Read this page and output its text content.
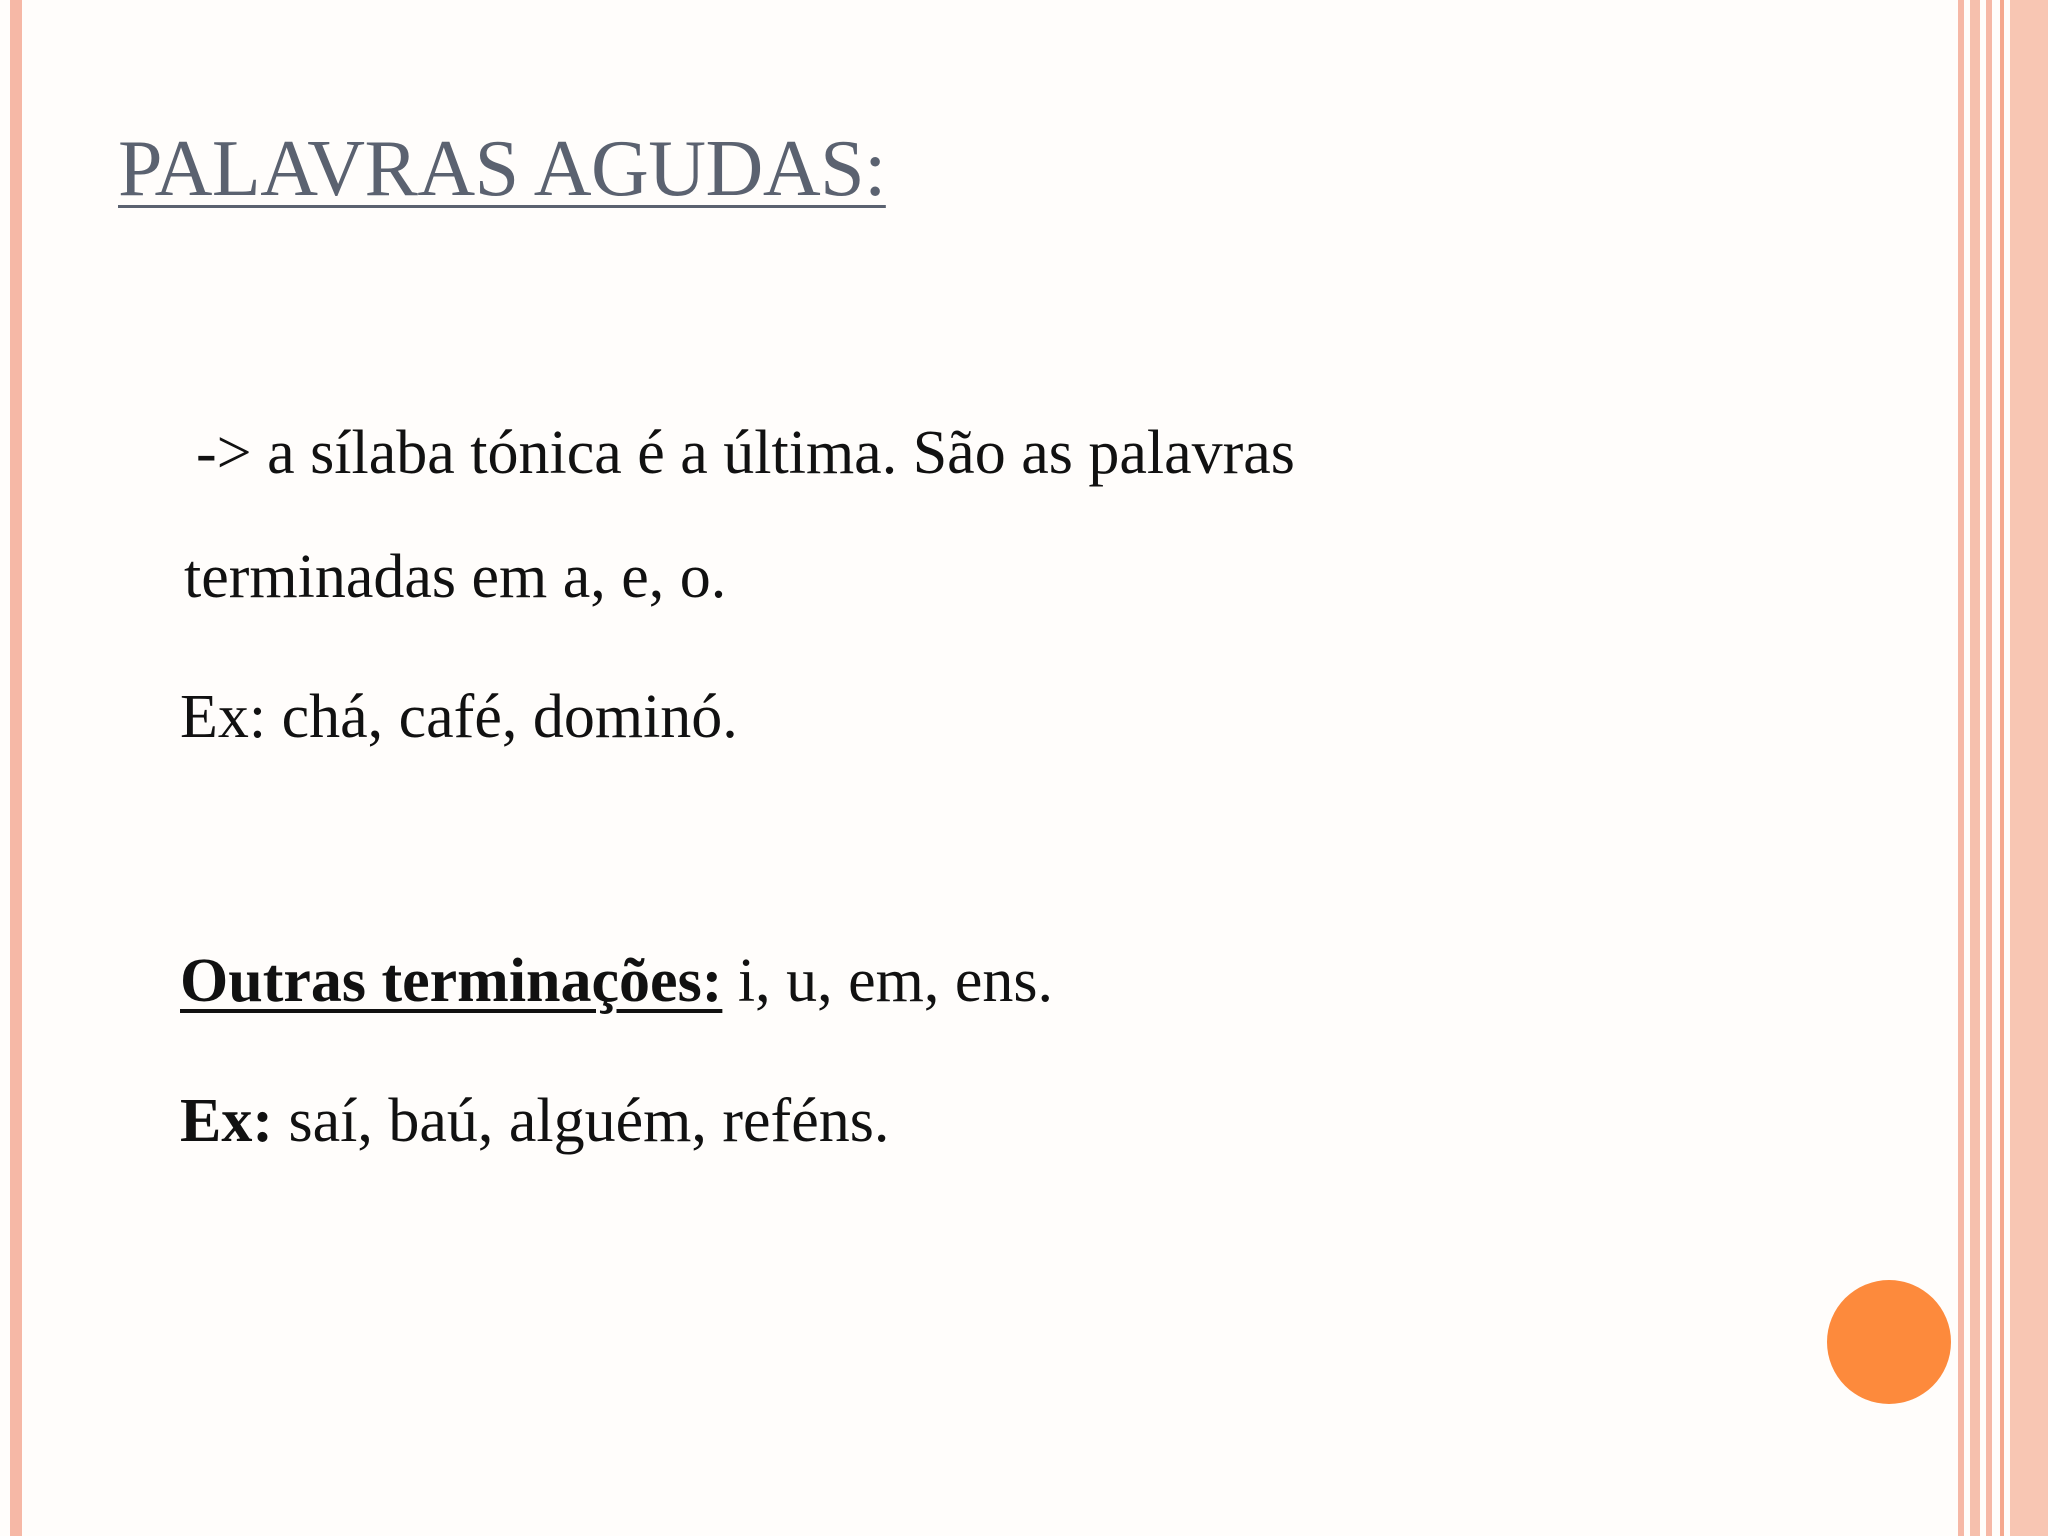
PALAVRAS AGUDAS:
-> a sílaba tónica é a última. São as palavras
terminadas em a, e, o.
Ex: chá, café, dominó.
Outras terminações: i, u, em, ens.
Ex: saí, baú, alguém, reféns.
